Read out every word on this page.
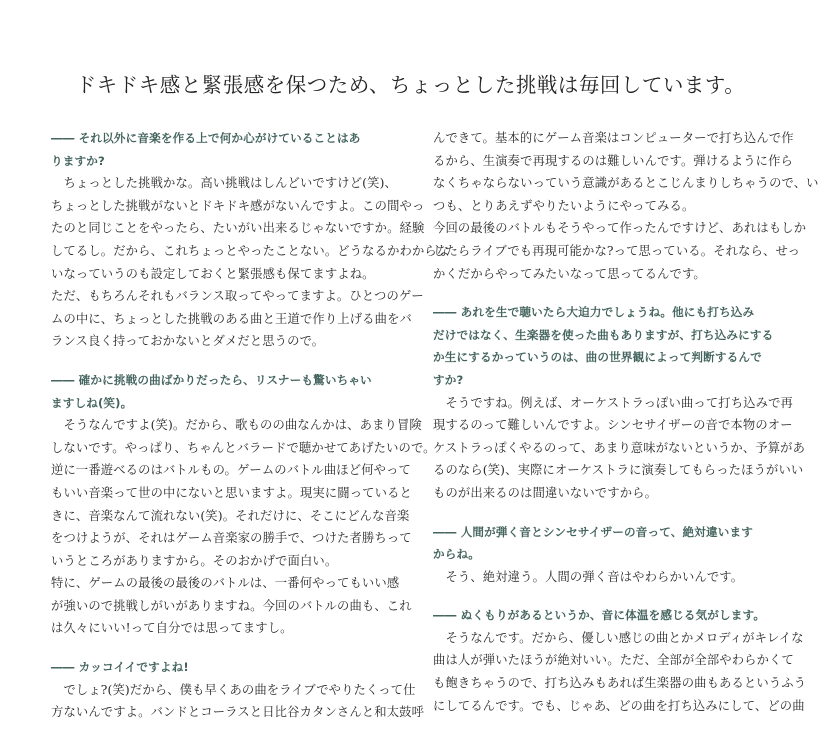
ドキドキ感と緊張感を保つため、ちょっとした挑戦は毎回しています。
―― それ以外に音楽を作る上で何か心がけていることはあ
りますか?
　ちょっとした挑戦かな。高い挑戦はしんどいですけど(笑)、
ちょっとした挑戦がないとドキドキ感がないんですよ。この間やっ
たのと同じことをやったら、たいがい出来るじゃないですか。経験
してるし。だから、これちょっとやったことない。どうなるかわからな
いなっていうのも設定しておくと緊張感も保てますよね。
ただ、もちろんそれもバランス取ってやってますよ。ひとつのゲー
ムの中に、ちょっとした挑戦のある曲と王道で作り上げる曲をバ
ランス良く持っておかないとダメだと思うので。
―― 確かに挑戦の曲ばかりだったら、リスナーも驚いちゃい
ますしね(笑)。
　そうなんですよ(笑)。だから、歌ものの曲なんかは、あまり冒険
しないです。やっぱり、ちゃんとバラードで聴かせてあげたいので。
逆に一番遊べるのはバトルもの。ゲームのバトル曲ほど何やって
もいい音楽って世の中にないと思いますよ。現実に闘っていると
きに、音楽なんて流れない(笑)。それだけに、そこにどんな音楽
をつけようが、それはゲーム音楽家の勝手で、つけた者勝ちって
いうところがありますから。そのおかげで面白い。
特に、ゲームの最後の最後のバトルは、一番何やってもいい感
が強いので挑戦しがいがありますね。今回のバトルの曲も、これ
は久々にいい!って自分では思ってますし。
―― カッコイイですよね!
　でしょ?(笑)だから、僕も早くあの曲をライブでやりたくって仕
方ないんですよ。バンドとコーラスと日比谷カタンさんと和太鼓呼
んできて。基本的にゲーム音楽はコンピューターで打ち込んで作
るから、生演奏で再現するのは難しいんです。弾けるように作ら
なくちゃならないっていう意識があるとこじんまりしちゃうので、い
つも、とりあえずやりたいようにやってみる。
今回の最後のバトルもそうやって作ったんですけど、あれはもしか
したらライブでも再現可能かな?って思っている。それなら、せっ
かくだからやってみたいなって思ってるんです。
―― あれを生で聴いたら大迫力でしょうね。他にも打ち込み
だけではなく、生楽器を使った曲もありますが、打ち込みにする
か生にするかっていうのは、曲の世界観によって判断するんで
すか?
　そうですね。例えば、オーケストラっぽい曲って打ち込みで再
現するのって難しいんですよ。シンセサイザーの音で本物のオー
ケストラっぽくやるのって、あまり意味がないというか、予算があ
るのなら(笑)、実際にオーケストラに演奏してもらったほうがいい
ものが出来るのは間違いないですから。
―― 人間が弾く音とシンセサイザーの音って、絶対違います
からね。
　そう、絶対違う。人間の弾く音はやわらかいんです。
―― ぬくもりがあるというか、音に体温を感じる気がします。
　そうなんです。だから、優しい感じの曲とかメロディがキレイな
曲は人が弾いたほうが絶対いい。ただ、全部が全部やわらかくて
も飽きちゃうので、打ち込みもあれば生楽器の曲もあるというふう
にしてるんです。でも、じゃあ、どの曲を打ち込みにして、どの曲
